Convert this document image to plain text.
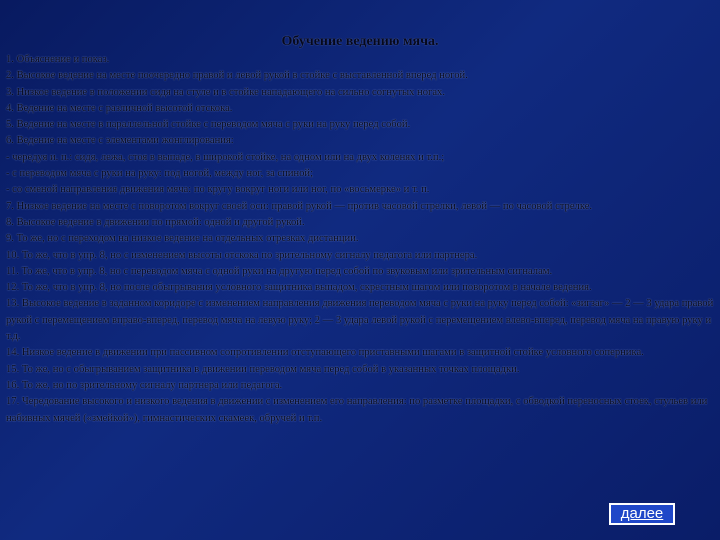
Обучение ведению мяча.

1. Объяснение и показ.

2. Высокое ведение на месте поочередно правой и левой рукой в стойке с выставленной вперед ногой.

3. Низкое ведение в положении сидя на стуле и в стойке нападающего на сильно согнутых ногах.

4. Ведение на месте с различной высотой отскока.

5. Ведение на месте в параллельной стойке с переводом мяча с руки на руку перед собой.

6. Ведение на месте с элементами жонглирования:

- чередуя и. п.: сидя, лежа, стоя в выпаде, в широкой стойке, на одном или на двух коленях и т.п.;

- с переводом мяча с руки на руку: под ногой, между ног, за спиной;

- со сменой направления движения мяча: по кругу вокруг ноги или ног, по «восьмерке» и т. п.

7. Низкое ведение на месте с поворотом вокруг своей оси: правой рукой — против часовой стрелки, левой — по часовой стрелке.

8. Высокое ведение в движении по прямой: одной и другой рукой.

9. То же, но с переходом на низкое ведение на отдельных отрезках дистанции.

10. То же, что в упр. 8, но с изменением высоты отскока по зрительному сигналу педагога или партнера.

11. То же, что в упр. 8, но с переводом мяча с одной руки на другую перед собой по звуковым или зрительным сигналам.

12. То же, что в упр. 8, но после обыгрывания условного защитника выпадом, скрестным шагом или поворотом в начале ведения.

13. Высокое ведение в заданном коридоре с изменением направления движения переводом мяча с руки на руку перед собой: «зигзаг» — 2 — 3 удара правой рукой с перемещением вправо-вперед, перевод мяча на левую руку; 2 — 3 удара левой рукой с перемещением влево-вперед, перевод мяча на правую руку и т.д.

14. Низкое ведение в движении при пассивном сопротивлении отступающего приставными шагами в защитной стойке условного соперника.

15. То же, но с обыгрыванием защитника в движении переводом мяча перед собой в указанных точках площадки.

16. То же, но по зрительному сигналу партнера или педагога.

17. Чередование высокого и низкого ведения в движении с изменением его направления: по разметке площадки, с обводкой переносных стоек, стульев или набивных мячей («змейкой»), гимнастических скамеек, обручей и т.п.

далее
